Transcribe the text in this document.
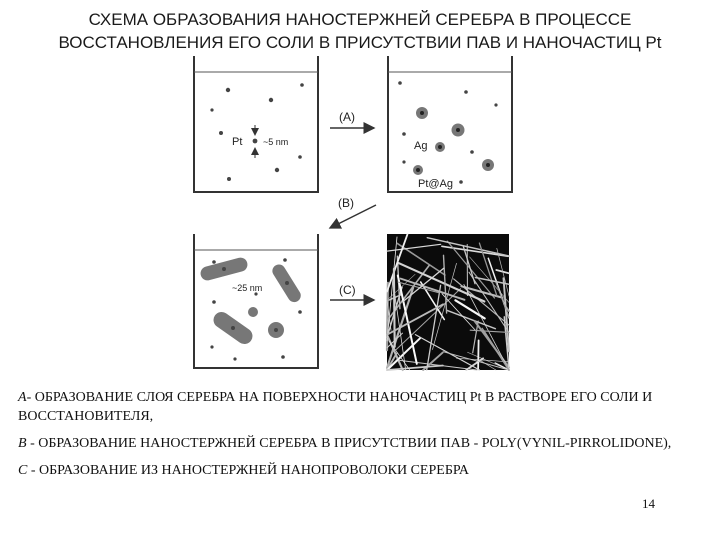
СХЕМА ОБРАЗОВАНИЯ НАНОСТЕРЖНЕЙ СЕРЕБРА В ПРОЦЕССЕ
ВОССТАНОВЛЕНИЯ ЕГО СОЛИ В ПРИСУТСТВИИ ПАВ И НАНОЧАСТИЦ Pt
Pt ~5 nm
(A)
Ag
Pt@Ag
(B)
~25 nm	(C)
A- ОБРАЗОВАНИЕ СЛОЯ СЕРЕБРА НА ПОВЕРХНОСТИ НАНОЧАСТИЦ Pt В РАСТВОРЕ ЕГО СОЛИ И ВОССТАНОВИТЕЛЯ,
B - ОБРАЗОВАНИЕ НАНОСТЕРЖНЕЙ СЕРЕБРА В ПРИСУТСТВИИ ПАВ - POLY(VYNIL-PIRROLIDONE),
C - ОБРАЗОВАНИЕ ИЗ НАНОСТЕРЖНЕЙ НАНОПРОВОЛОКИ СЕРЕБРА
14
